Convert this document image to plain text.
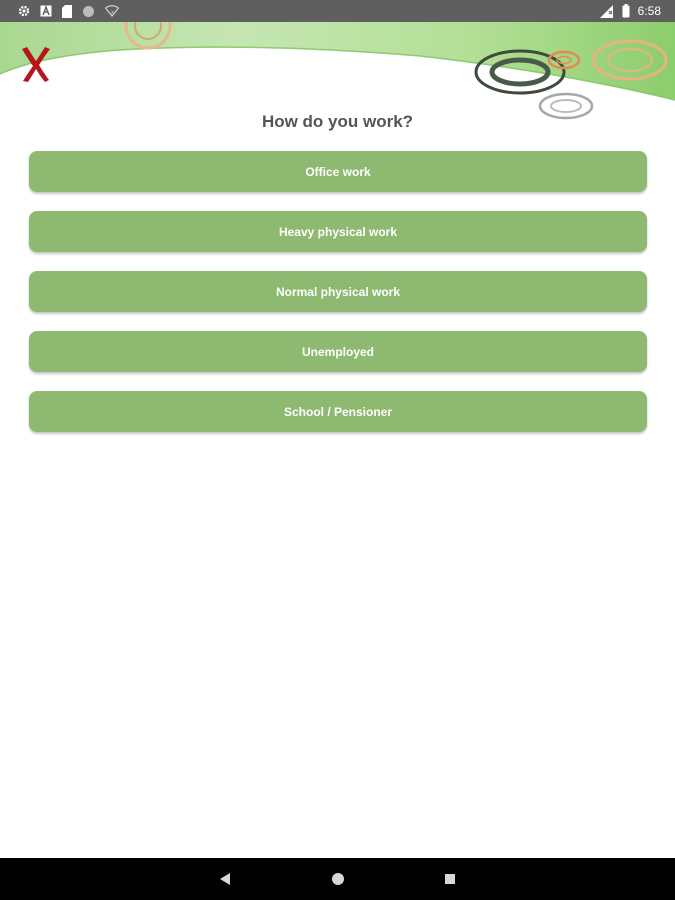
x	6:58
How do you work?
Office work
Heavy physical work
Normal physical work
Unemployed
School / Pensioner
